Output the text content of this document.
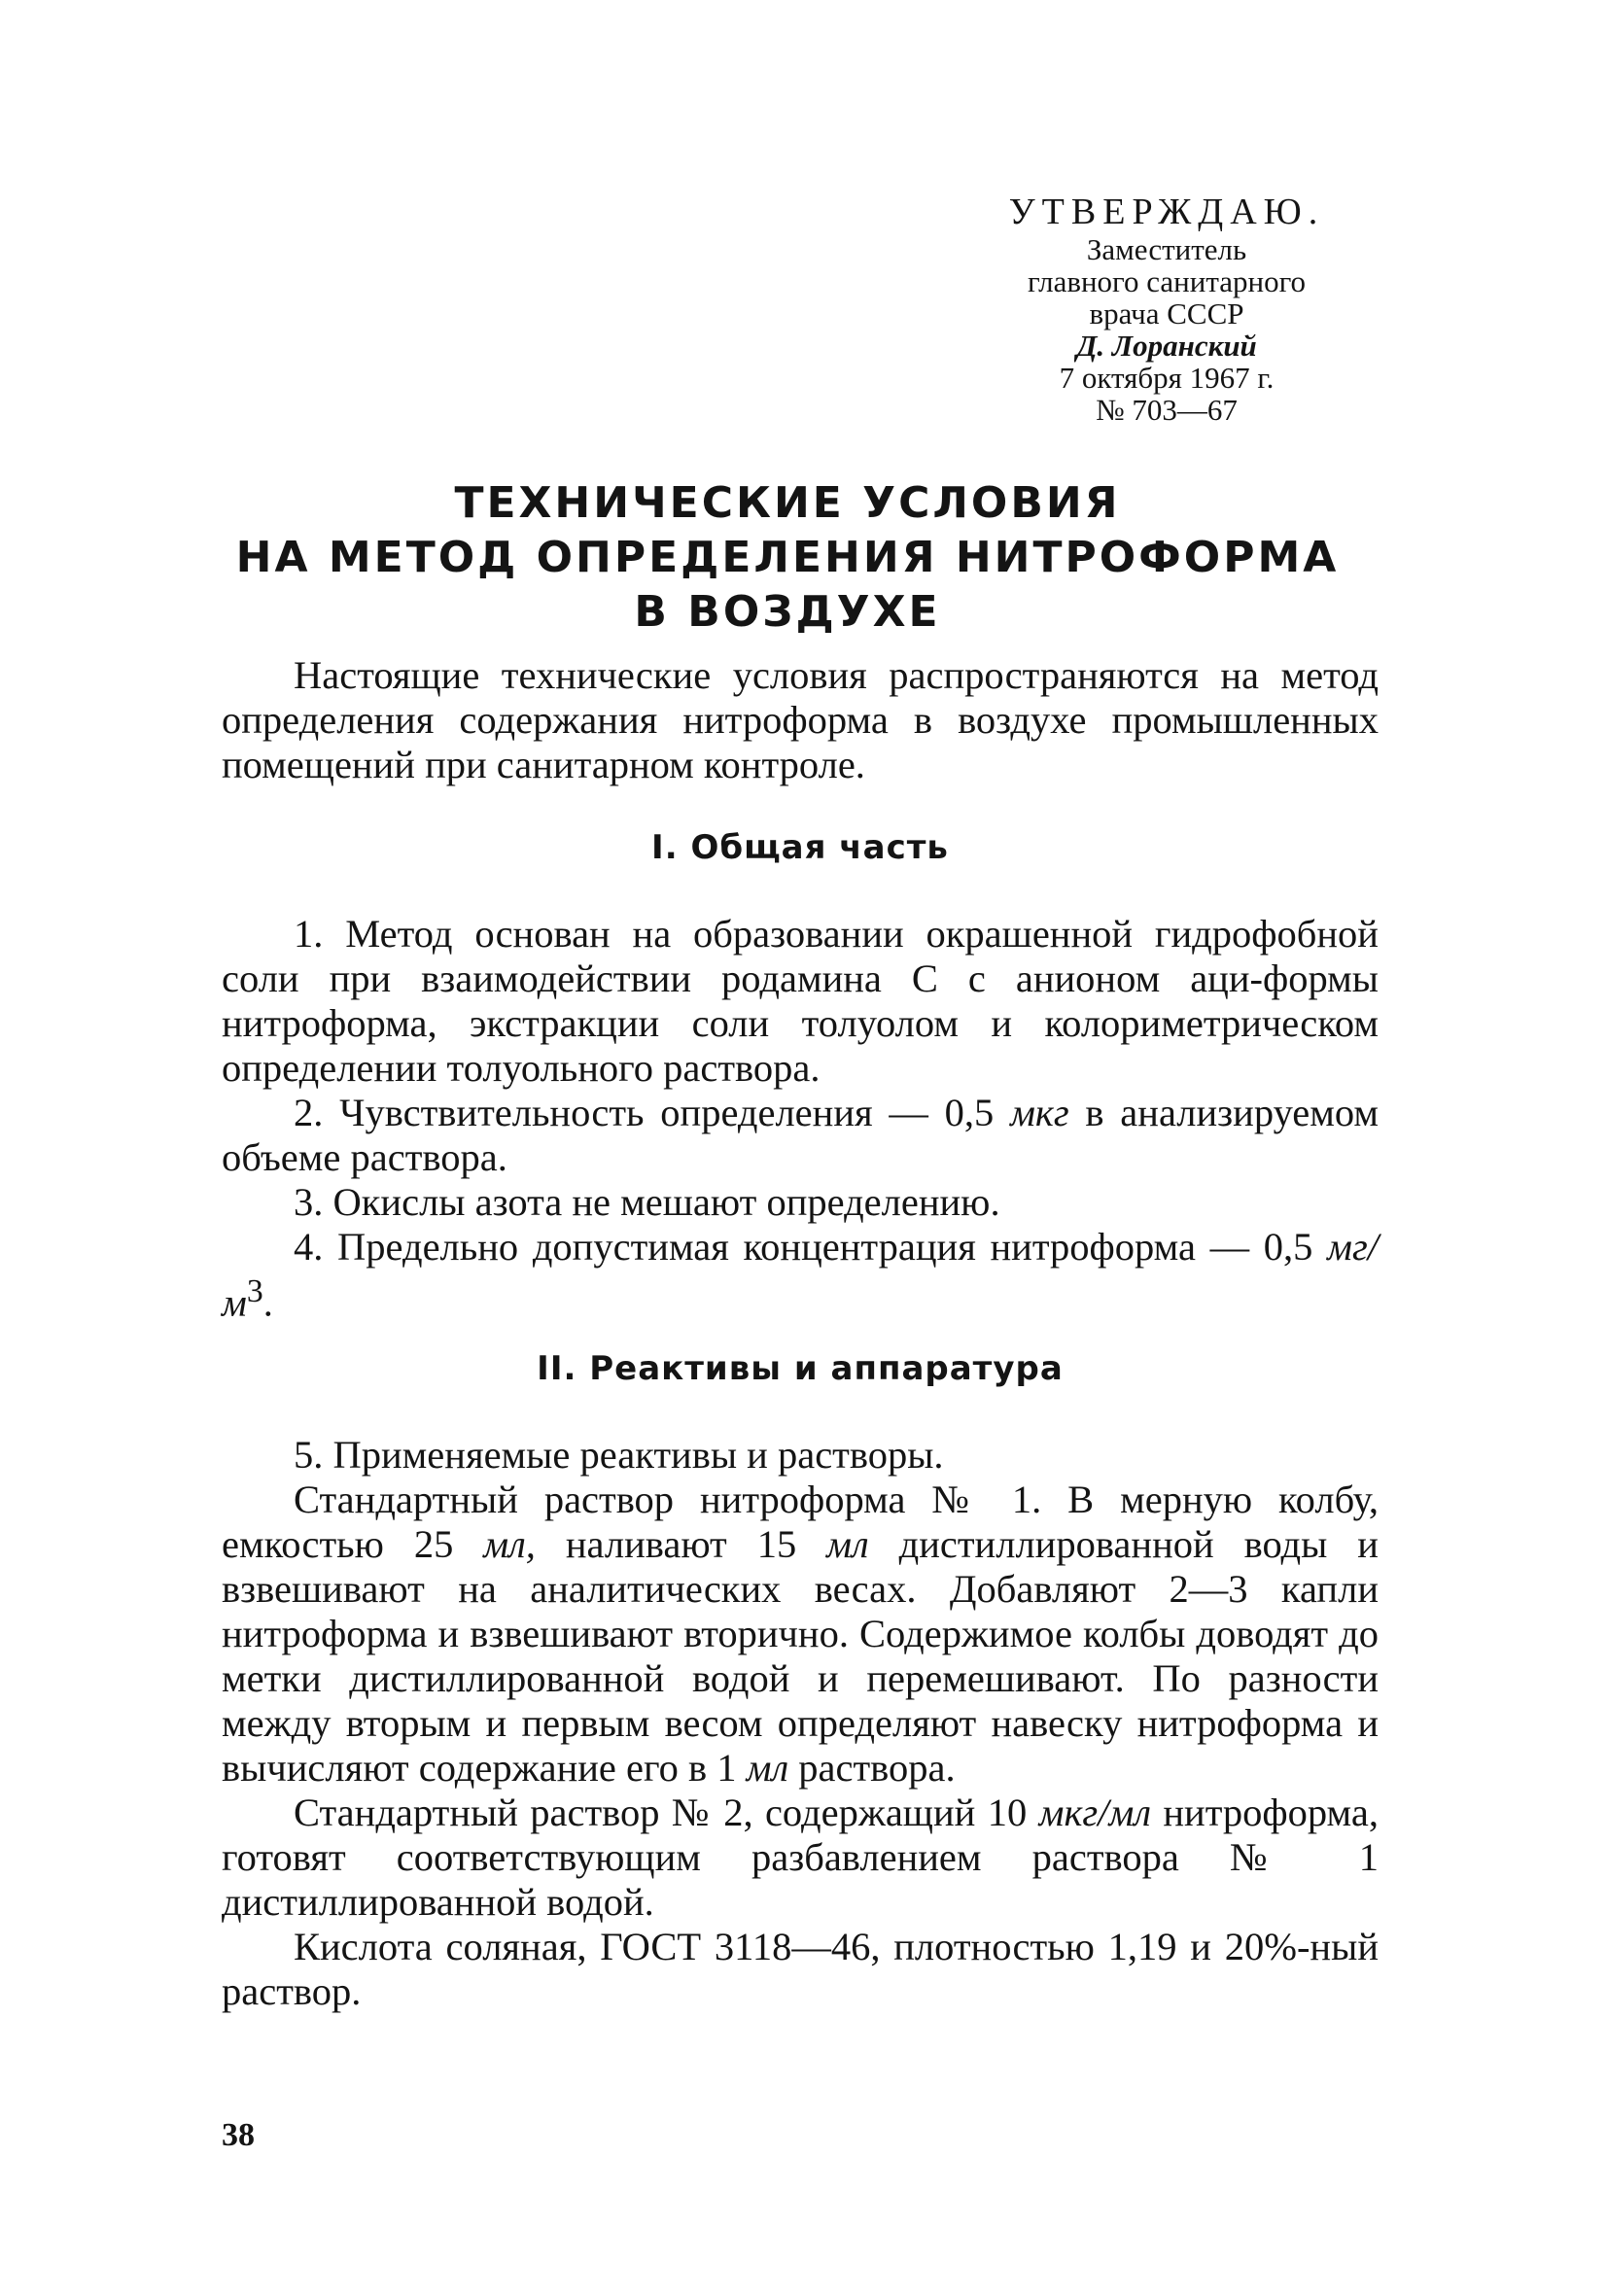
УТВЕРЖДАЮ.
Заместитель
главного санитарного
врача СССР
Д. Лоранский
7 октября 1967 г.
№ 703—67
ТЕХНИЧЕСКИЕ УСЛОВИЯ
НА МЕТОД ОПРЕДЕЛЕНИЯ НИТРОФОРМА
В ВОЗДУХЕ

Настоящие технические условия распространяются на метод определения содержания нитроформа в воздухе промышленных помещений при санитарном контроле.

I. Общая часть

1. Метод основан на образовании окрашенной гидрофобной соли при взаимодействии родамина С с анионом аци-формы нитроформа, экстракции соли толуолом и колориметрическом определении толуольного раствора.

2. Чувствительность определения — 0,5 мкг в анализируемом объеме раствора.

3. Окислы азота не мешают определению.

4. Предельно допустимая концентрация нитроформа — 0,5 $мг/м^3$.

II. Реактивы и аппаратура

5. Применяемые реактивы и растворы.

Стандартный раствор нитроформа № 1. В мерную колбу, емкостью 25 мл, наливают 15 мл дистиллированной воды и взвешивают на аналитических весах. Добавляют 2—3 капли нитроформа и взвешивают вторично. Содержимое колбы доводят до метки дистиллированной водой и перемешивают. По разности между вторым и первым весом определяют навеску нитроформа и вычисляют содержание его в 1 мл раствора.

Стандартный раствор № 2, содержащий 10 мкг/мл нитроформа, готовят соответствующим разбавлением раствора № 1 дистиллированной водой.

Кислота соляная, ГОСТ 3118—46, плотностью 1,19 и 20%-ный раствор.

38
